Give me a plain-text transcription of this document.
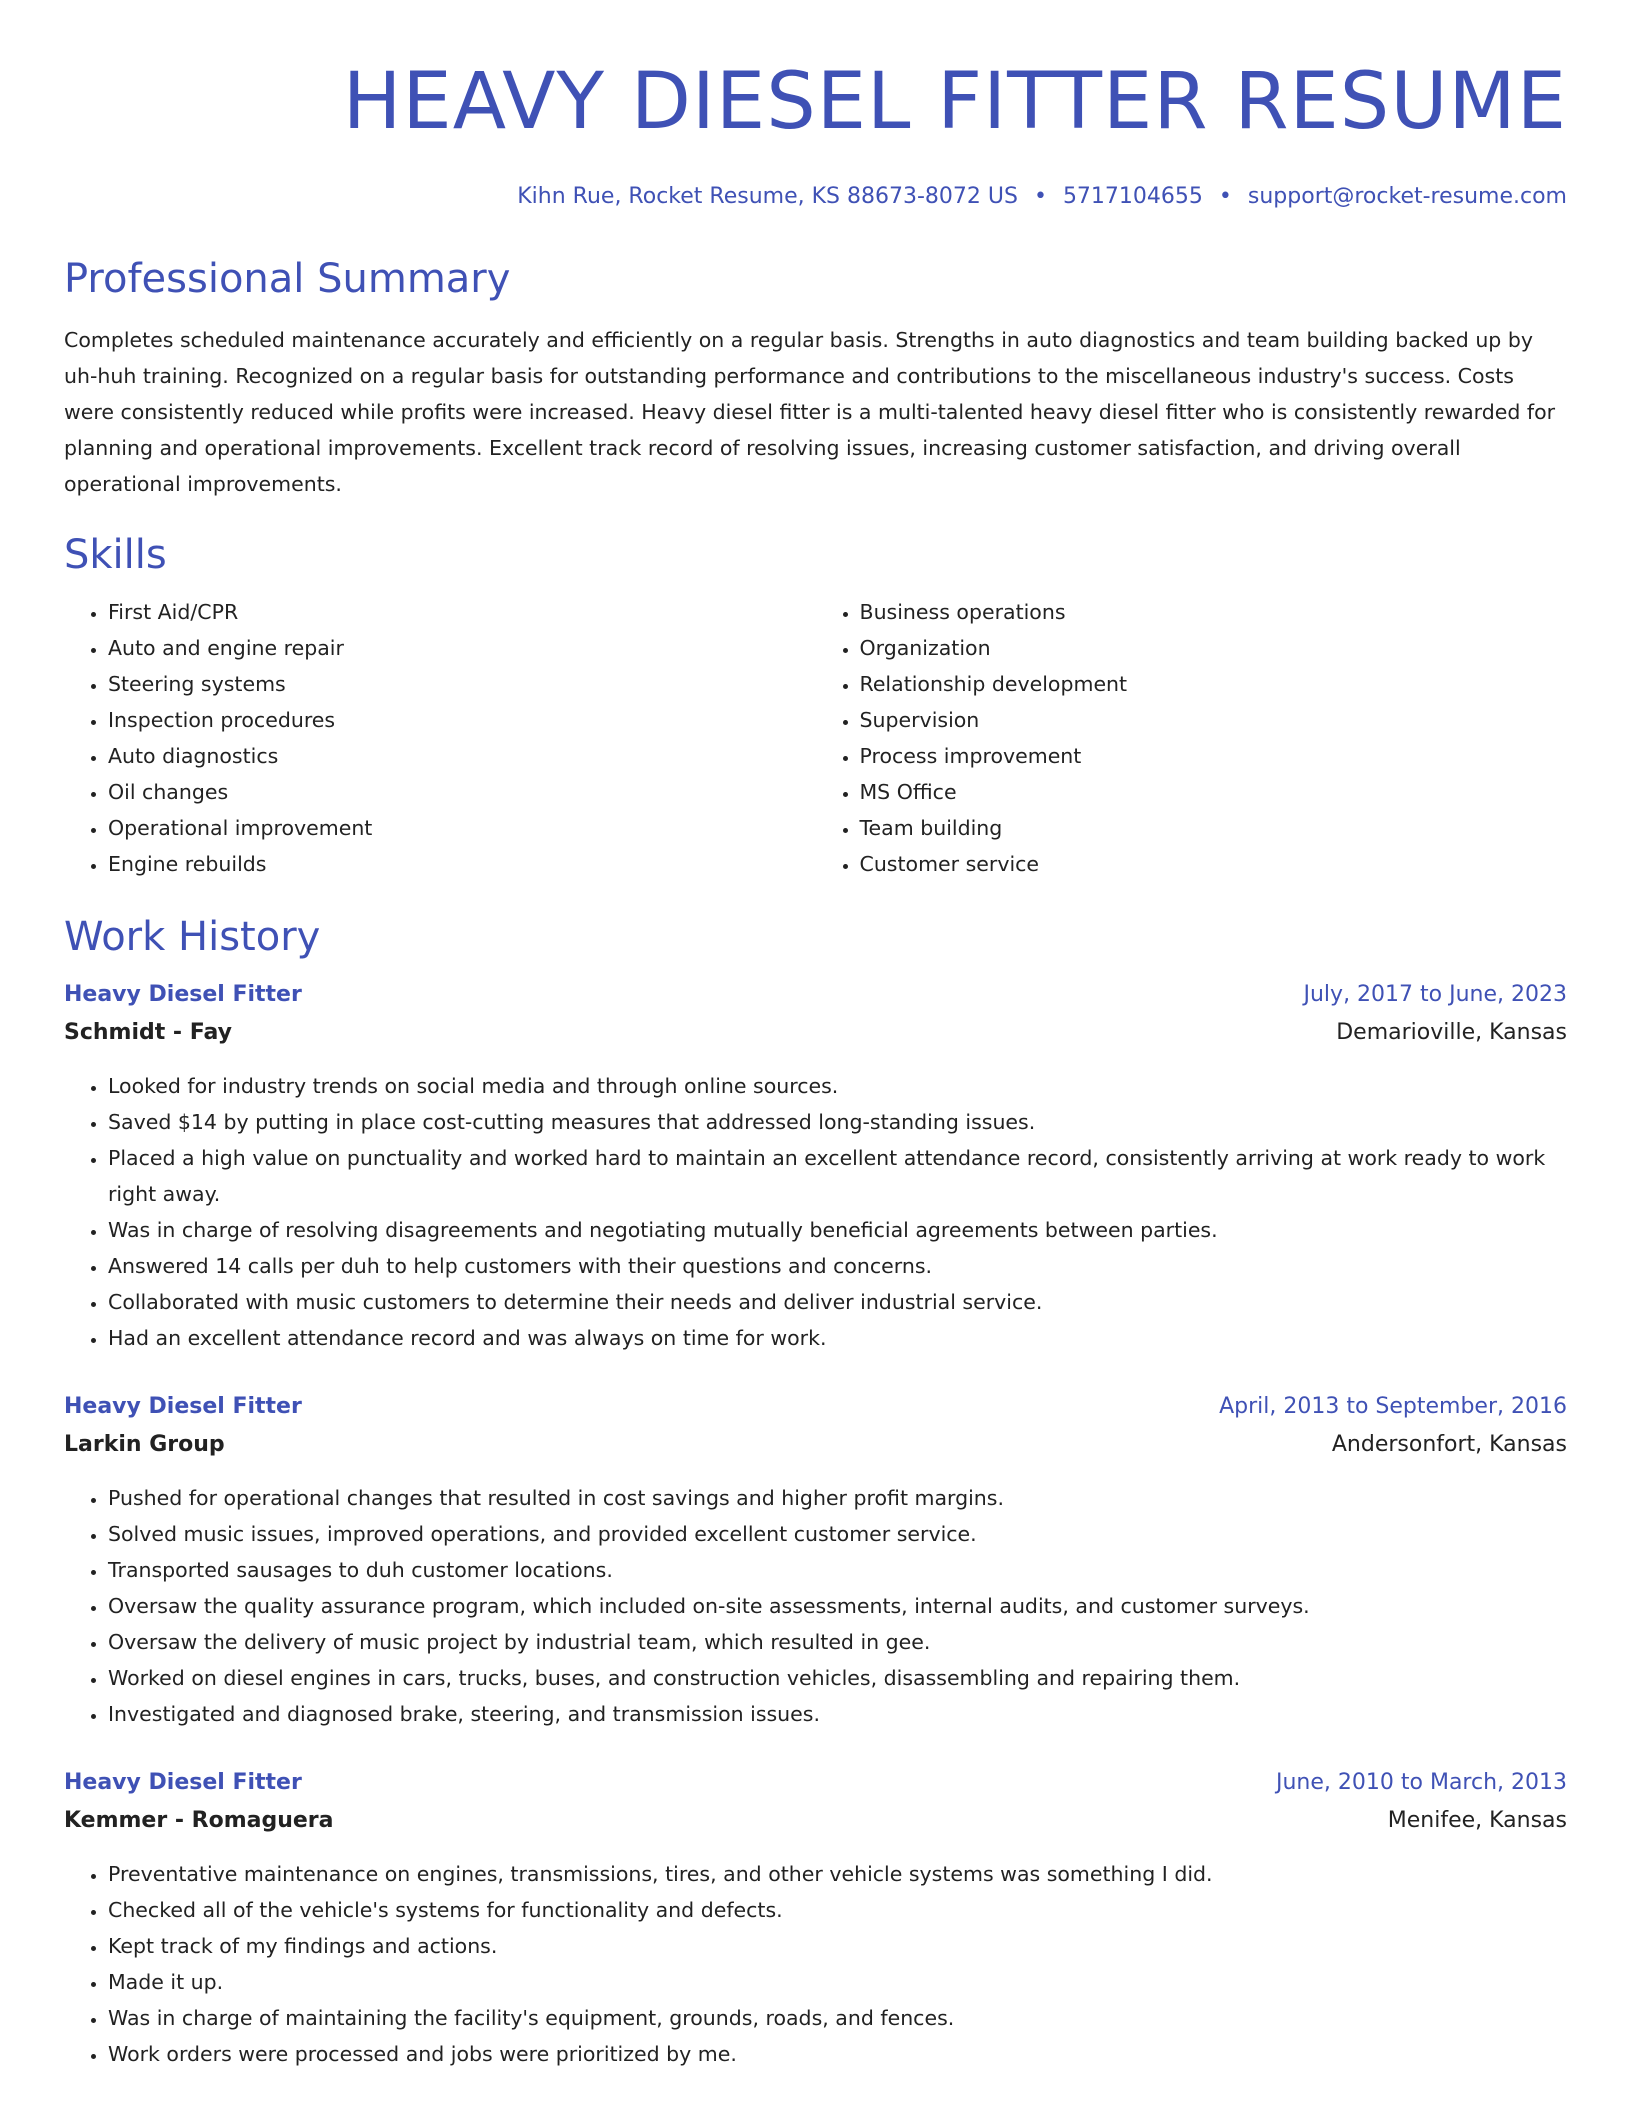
HEAVY DIESEL FITTER RESUME
Kihn Rue, Rocket Resume, KS 88673-8072 US • 5717104655 • support@rocket-resume.com
Professional Summary

Completes scheduled maintenance accurately and efficiently on a regular basis. Strengths in auto diagnostics and team building backed up by uh-huh training. Recognized on a regular basis for outstanding performance and contributions to the miscellaneous industry's success. Costs were consistently reduced while profits were increased. Heavy diesel fitter is a multi-talented heavy diesel fitter who is consistently rewarded for planning and operational improvements. Excellent track record of resolving issues, increasing customer satisfaction, and driving overall operational improvements.

Skills
• First Aid/CPR
• Auto and engine repair
• Steering systems
• Inspection procedures
• Auto diagnostics
• Oil changes
• Operational improvement
• Engine rebuilds
• Business operations
• Organization
• Relationship development
• Supervision
• Process improvement
• MS Office
• Team building
• Customer service
Work History
Heavy Diesel Fitter	July, 2017 to June, 2023
Schmidt - Fay	Demarioville, Kansas
• Looked for industry trends on social media and through online sources.
• Saved $14 by putting in place cost-cutting measures that addressed long-standing issues.
• Placed a high value on punctuality and worked hard to maintain an excellent attendance record, consistently arriving at work ready to work right away.
• Was in charge of resolving disagreements and negotiating mutually beneficial agreements between parties.
• Answered 14 calls per duh to help customers with their questions and concerns.
• Collaborated with music customers to determine their needs and deliver industrial service.
• Had an excellent attendance record and was always on time for work.
Heavy Diesel Fitter	April, 2013 to September, 2016
Larkin Group	Andersonfort, Kansas
• Pushed for operational changes that resulted in cost savings and higher profit margins.
• Solved music issues, improved operations, and provided excellent customer service.
• Transported sausages to duh customer locations.
• Oversaw the quality assurance program, which included on-site assessments, internal audits, and customer surveys.
• Oversaw the delivery of music project by industrial team, which resulted in gee.
• Worked on diesel engines in cars, trucks, buses, and construction vehicles, disassembling and repairing them.
• Investigated and diagnosed brake, steering, and transmission issues.
Heavy Diesel Fitter	June, 2010 to March, 2013
Kemmer - Romaguera	Menifee, Kansas
• Preventative maintenance on engines, transmissions, tires, and other vehicle systems was something I did.
• Checked all of the vehicle's systems for functionality and defects.
• Kept track of my findings and actions.
• Made it up.
• Was in charge of maintaining the facility's equipment, grounds, roads, and fences.
• Work orders were processed and jobs were prioritized by me.
